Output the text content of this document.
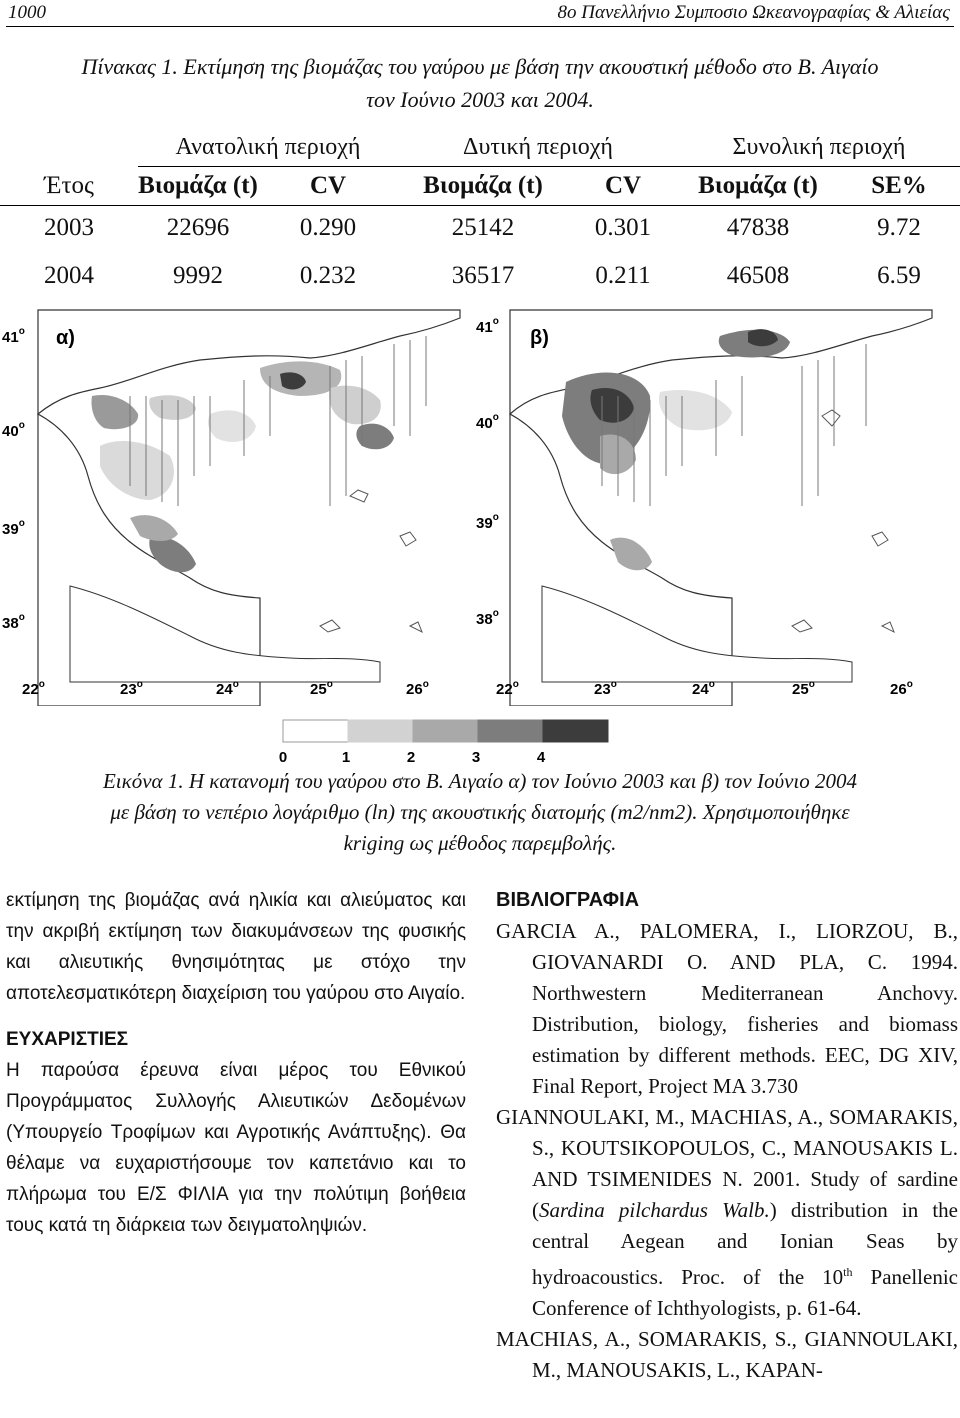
1000	8ο Πανελλήνιο Συμποσιο Ωκεανογραφίας & Αλιείας
Πίνακας 1. Εκτίμηση της βιομάζας του γαύρου με βάση την ακουστική μέθοδο στο Β. Αιγαίο
τον Ιούνιο 2003 και 2004.
	Ανατολική περιοχή		Δυτική περιοχή		Συνολική περιοχή	
Έτος	Βιομάζα (t)	CV	Βιομάζα (t)	CV	Βιομάζα (t)	SE%
2003	22696	0.290	25142	0.301	47838	9.72
2004	9992	0.232	36517	0.211	46508	6.59
α)	β)
41$^o$
40$^o$
39$^o$
38$^o$
41$^o$
40$^o$
39$^o$
38$^o$
22$^o$	23$^o$	24$^o$	25$^o$	26$^o$	22$^o$	23$^o$	24$^o$	25$^o$	26$^o$
0	1	2	3	4
Εικόνα 1. Η κατανομή του γαύρου στο Β. Αιγαίο α) τον Ιούνιο 2003 και β) τον Ιούνιο 2004
με βάση το νεπέριο λογάριθμο (ln) της ακουστικής διατομής (m2/nm2). Χρησιμοποιήθηκε
kriging ως μέθοδος παρεμβολής.

εκτίμηση της βιομάζας ανά ηλικία και αλιεύματος και την ακριβή εκτίμηση των διακυμάνσεων της φυσικής και αλιευτικής θνησιμότητας με στόχο την αποτελεσματικότερη διαχείριση του γαύρου στο Αιγαίο.

ΕΥΧΑΡΙΣΤΙΕΣ

Η παρούσα έρευνα είναι μέρος του Εθνικού Προγράμματος Συλλογής Αλιευτικών Δεδομένων (Υπουργείο Τροφίμων και Αγροτικής Ανάπτυξης). Θα θέλαμε να ευχαριστήσουμε τον καπετάνιο και το πλήρωμα του Ε/Σ ΦΙΛΙΑ για την πολύτιμη βοήθεια τους κατά τη διάρκεια των δειγματοληψιών.

ΒΙΒΛΙΟΓΡΑΦΙΑ
GARCIA A., PALOMERA, I., LIORZOU, B., GIOVANARDI O. AND PLA, C. 1994. Northwestern Mediterranean Anchovy. Distribution, biology, fisheries and biomass estimation by different methods. EEC, DG XIV, Final Report, Project MA 3.730
GIANNOULAKI, M., MACHIAS, A., SOMARAKIS, S., KOUTSIKOPOULOS, C., MANOUSAKIS L. AND TSIMENIDES N. 2001. Study of sardine (Sardina pilchardus Walb.) distribution in the central Aegean and Ionian Seas by hydroacoustics. Proc. of the 10th Panellenic Conference of Ichthyologists, p. 61-64.
MACHIAS, A., SOMARAKIS, S., GIANNOULAKI, M., MANOUSAKIS, L., KAPAN-
